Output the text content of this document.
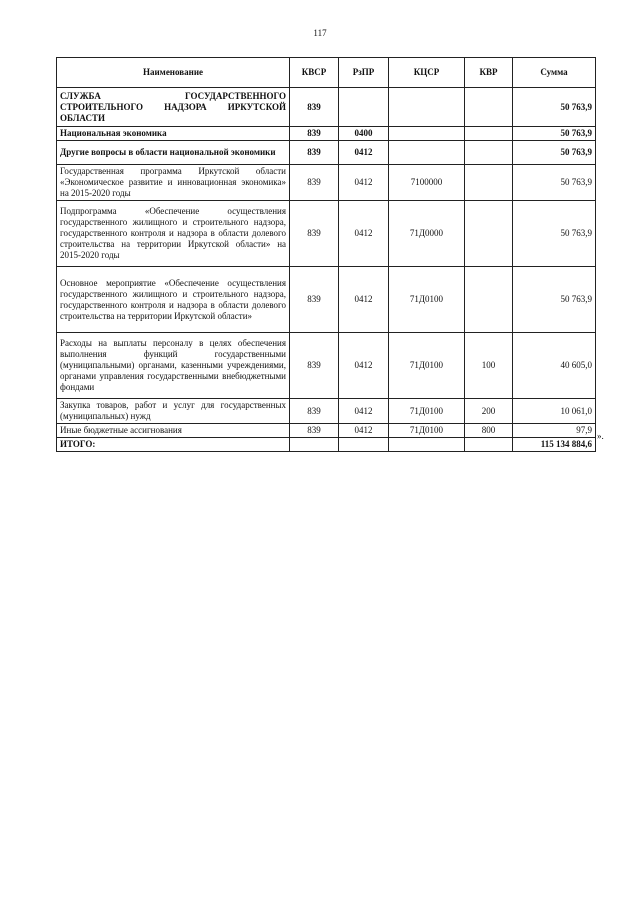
117
Наименование	КВСР	РзПР	КЦСР	КВР	Сумма
СЛУЖБА ГОСУДАРСТВЕННОГО СТРОИТЕЛЬНОГО НАДЗОРА ИРКУТСКОЙ ОБЛАСТИ	839				50 763,9
Национальная экономика	839	0400			50 763,9
Другие вопросы в области национальной экономики	839	0412			50 763,9
Государственная программа Иркутской области «Экономическое развитие и инновационная экономика» на 2015-2020 годы	839	0412	7100000		50 763,9
Подпрограмма «Обеспечение осуществления государственного жилищного и строительного надзора, государственного контроля и надзора в области долевого строительства на территории Иркутской области» на 2015-2020 годы	839	0412	71Д0000		50 763,9
Основное мероприятие «Обеспечение осуществления государственного жилищного и строительного надзора, государственного контроля и надзора в области долевого строительства на территории Иркутской области»	839	0412	71Д0100		50 763,9
Расходы на выплаты персоналу в целях обеспечения выполнения функций государственными (муниципальными) органами, казенными учреждениями, органами управления государственными внебюджетными фондами	839	0412	71Д0100	100	40 605,0
Закупка товаров, работ и услуг для государственных (муниципальных) нужд	839	0412	71Д0100	200	10 061,0
Иные бюджетные ассигнования	839	0412	71Д0100	800	97,9
ИТОГО:					115 134 884,6
».
